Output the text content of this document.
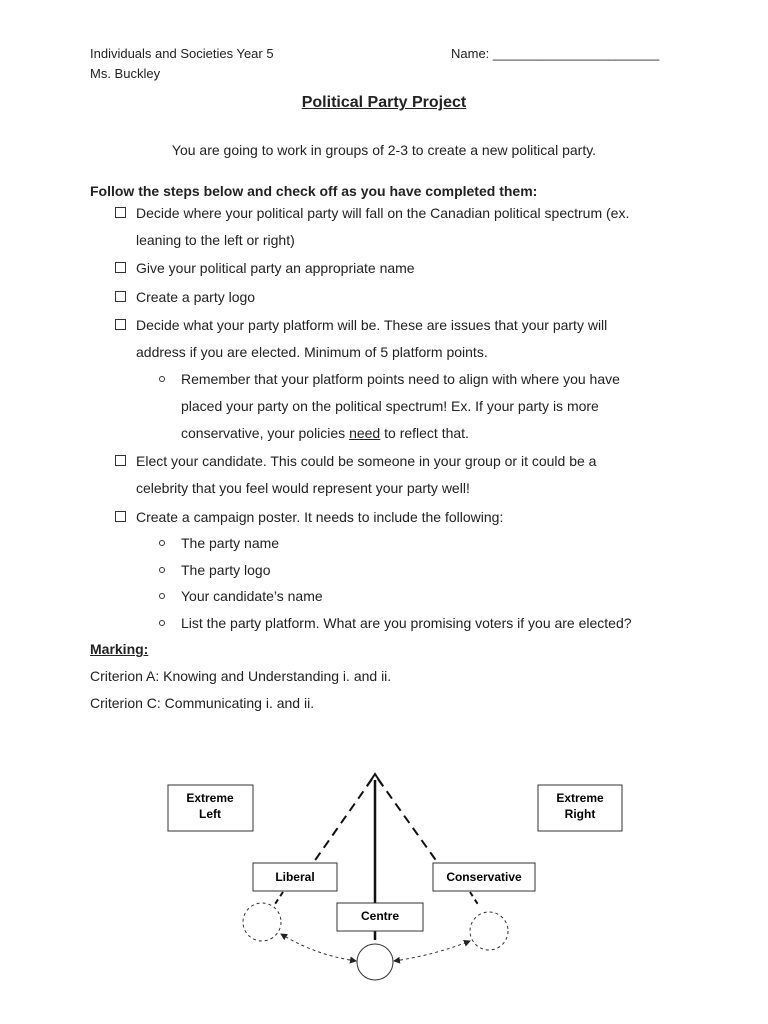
Individuals and Societies Year 5
Ms. Buckley
Name: _______________________
Political Party Project
You are going to work in groups of 2-3 to create a new political party.
Follow the steps below and check off as you have completed them:
Decide where your political party will fall on the Canadian political spectrum (ex.
leaning to the left or right)
Give your political party an appropriate name
Create a party logo
Decide what your party platform will be. These are issues that your party will
address if you are elected. Minimum of 5 platform points.
Remember that your platform points need to align with where you have
placed your party on the political spectrum! Ex. If your party is more
conservative, your policies need to reflect that.
Elect your candidate. This could be someone in your group or it could be a
celebrity that you feel would represent your party well!
Create a campaign poster. It needs to include the following:
The party name
The party logo
Your candidate’s name
List the party platform. What are you promising voters if you are elected?
Marking:
Criterion A: Knowing and Understanding i. and ii.
Criterion C: Communicating i. and ii.
Extreme
Left
Extreme
Right
Liberal	Conservative
Centre
